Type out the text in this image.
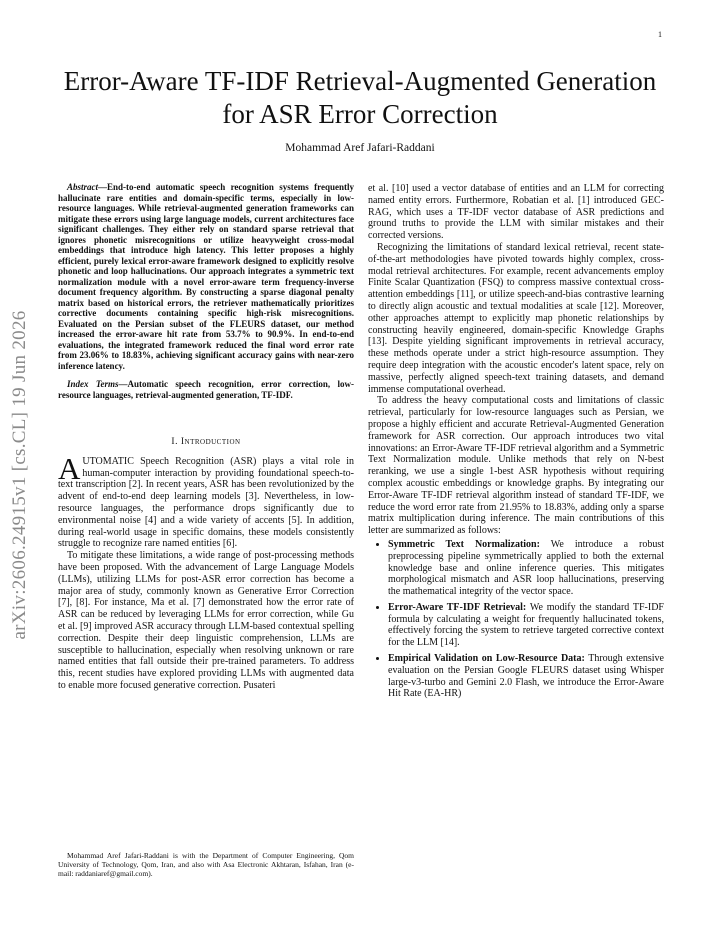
1
arXiv:2606.24915v1 [cs.CL] 19 Jun 2026
Error-Aware TF-IDF Retrieval-Augmented Generation for ASR Error Correction
Mohammad Aref Jafari-Raddani

Abstract—End-to-end automatic speech recognition systems frequently hallucinate rare entities and domain-specific terms, especially in low-resource languages. While retrieval-augmented generation frameworks can mitigate these errors using large language models, current architectures face significant challenges. They either rely on standard sparse retrieval that ignores phonetic misrecognitions or utilize heavyweight cross-modal embeddings that introduce high latency. This letter proposes a highly efficient, purely lexical error-aware framework designed to explicitly resolve phonetic and loop hallucinations. Our approach integrates a symmetric text normalization module with a novel error-aware term frequency-inverse document frequency algorithm. By constructing a sparse diagonal penalty matrix based on historical errors, the retriever mathematically prioritizes corrective documents containing specific high-risk misrecognitions. Evaluated on the Persian subset of the FLEURS dataset, our method increased the error-aware hit rate from 53.7% to 90.9%. In end-to-end evaluations, the integrated framework reduced the final word error rate from 23.06% to 18.83%, achieving significant accuracy gains with near-zero inference latency.

Index Terms—Automatic speech recognition, error correction, low-resource languages, retrieval-augmented generation, TF-IDF.

I. Introduction

AUTOMATIC Speech Recognition (ASR) plays a vital role in human-computer interaction by providing foundational speech-to-text transcription [2]. In recent years, ASR has been revolutionized by the advent of end-to-end deep learning models [3]. Nevertheless, in low-resource languages, the performance drops significantly due to environmental noise [4] and a wide variety of accents [5]. In addition, during real-world usage in specific domains, these models consistently struggle to recognize rare named entities [6].

To mitigate these limitations, a wide range of post-processing methods have been proposed. With the advancement of Large Language Models (LLMs), utilizing LLMs for post-ASR error correction has become a major area of study, commonly known as Generative Error Correction [7], [8]. For instance, Ma et al. [7] demonstrated how the error rate of ASR can be reduced by leveraging LLMs for error correction, while Gu et al. [9] improved ASR accuracy through LLM-based contextual spelling correction. Despite their deep linguistic comprehension, LLMs are susceptible to hallucination, especially when resolving unknown or rare named entities that fall outside their pre-trained parameters. To address this, recent studies have explored providing LLMs with augmented data to enable more focused generative correction. Pusateri

Mohammad Aref Jafari-Raddani is with the Department of Computer Engineering, Qom University of Technology, Qom, Iran, and also with Asa Electronic Akhtaran, Isfahan, Iran (e-mail: raddaniaref@gmail.com).

et al. [10] used a vector database of entities and an LLM for correcting named entity errors. Furthermore, Robatian et al. [1] introduced GEC-RAG, which uses a TF-IDF vector database of ASR predictions and ground truths to provide the LLM with similar mistakes and their corrected versions.

Recognizing the limitations of standard lexical retrieval, recent state-of-the-art methodologies have pivoted towards highly complex, cross-modal retrieval architectures. For example, recent advancements employ Finite Scalar Quantization (FSQ) to compress massive contextual cross-attention embeddings [11], or utilize speech-and-bias contrastive learning to directly align acoustic and textual modalities at scale [12]. Moreover, other approaches attempt to explicitly map phonetic relationships by constructing heavily engineered, domain-specific Knowledge Graphs [13]. Despite yielding significant improvements in retrieval accuracy, these methods operate under a strict high-resource assumption. They require deep integration with the acoustic encoder's latent space, rely on massive, perfectly aligned speech-text training datasets, and demand immense computational overhead.

To address the heavy computational costs and limitations of classic retrieval, particularly for low-resource languages such as Persian, we propose a highly efficient and accurate Retrieval-Augmented Generation framework for ASR correction. Our approach introduces two vital innovations: an Error-Aware TF-IDF retrieval algorithm and a Symmetric Text Normalization module. Unlike methods that rely on N-best reranking, we use a single 1-best ASR hypothesis without requiring complex acoustic embeddings or knowledge graphs. By integrating our Error-Aware TF-IDF retrieval algorithm instead of standard TF-IDF, we reduce the word error rate from 21.95% to 18.83%, adding only a sparse matrix multiplication during inference. The main contributions of this letter are summarized as follows:

• Symmetric Text Normalization: We introduce a robust preprocessing pipeline symmetrically applied to both the external knowledge base and online inference queries. This mitigates morphological mismatch and ASR loop hallucinations, preserving the mathematical integrity of the vector space.
• Error-Aware TF-IDF Retrieval: We modify the standard TF-IDF formula by calculating a weight for frequently hallucinated tokens, effectively forcing the system to retrieve targeted corrective context for the LLM [14].
• Empirical Validation on Low-Resource Data: Through extensive evaluation on the Persian Google FLEURS dataset using Whisper large-v3-turbo and Gemini 2.0 Flash, we introduce the Error-Aware Hit Rate (EA-HR)
